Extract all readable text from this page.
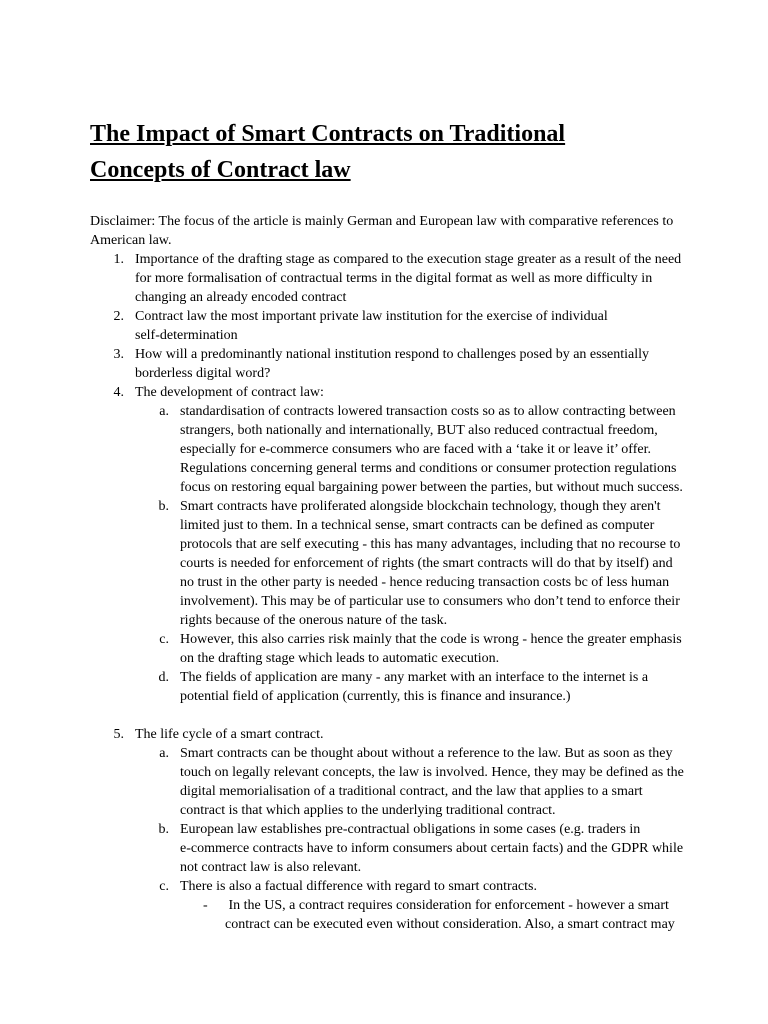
The Impact of Smart Contracts on Traditional
Concepts of Contract law
Disclaimer: The focus of the article is mainly German and European law with comparative references to
American law.
1. Importance of the drafting stage as compared to the execution stage greater as a result of the need
for more formalisation of contractual terms in the digital format as well as more difficulty in
changing an already encoded contract
2. Contract law the most important private law institution for the exercise of individual
self-determination
3. How will a predominantly national institution respond to challenges posed by an essentially
borderless digital word?
4. The development of contract law:
a. standardisation of contracts lowered transaction costs so as to allow contracting between
strangers, both nationally and internationally, BUT also reduced contractual freedom,
especially for e-commerce consumers who are faced with a ‘take it or leave it’ offer.
Regulations concerning general terms and conditions or consumer protection regulations
focus on restoring equal bargaining power between the parties, but without much success.
b. Smart contracts have proliferated alongside blockchain technology, though they aren't
limited just to them. In a technical sense, smart contracts can be defined as computer
protocols that are self executing - this has many advantages, including that no recourse to
courts is needed for enforcement of rights (the smart contracts will do that by itself) and
no trust in the other party is needed - hence reducing transaction costs bc of less human
involvement). This may be of particular use to consumers who don’t tend to enforce their
rights because of the onerous nature of the task.
c. However, this also carries risk mainly that the code is wrong - hence the greater emphasis
on the drafting stage which leads to automatic execution.
d. The fields of application are many - any market with an interface to the internet is a
potential field of application (currently, this is finance and insurance.)
5. The life cycle of a smart contract.
a. Smart contracts can be thought about without a reference to the law. But as soon as they
touch on legally relevant concepts, the law is involved. Hence, they may be defined as the
digital memorialisation of a traditional contract, and the law that applies to a smart
contract is that which applies to the underlying traditional contract.
b. European law establishes pre-contractual obligations in some cases (e.g. traders in
e-commerce contracts have to inform consumers about certain facts) and the GDPR while
not contract law is also relevant.
c. There is also a factual difference with regard to smart contracts.
-	In the US, a contract requires consideration for enforcement - however a smart
contract can be executed even without consideration. Also, a smart contract may
